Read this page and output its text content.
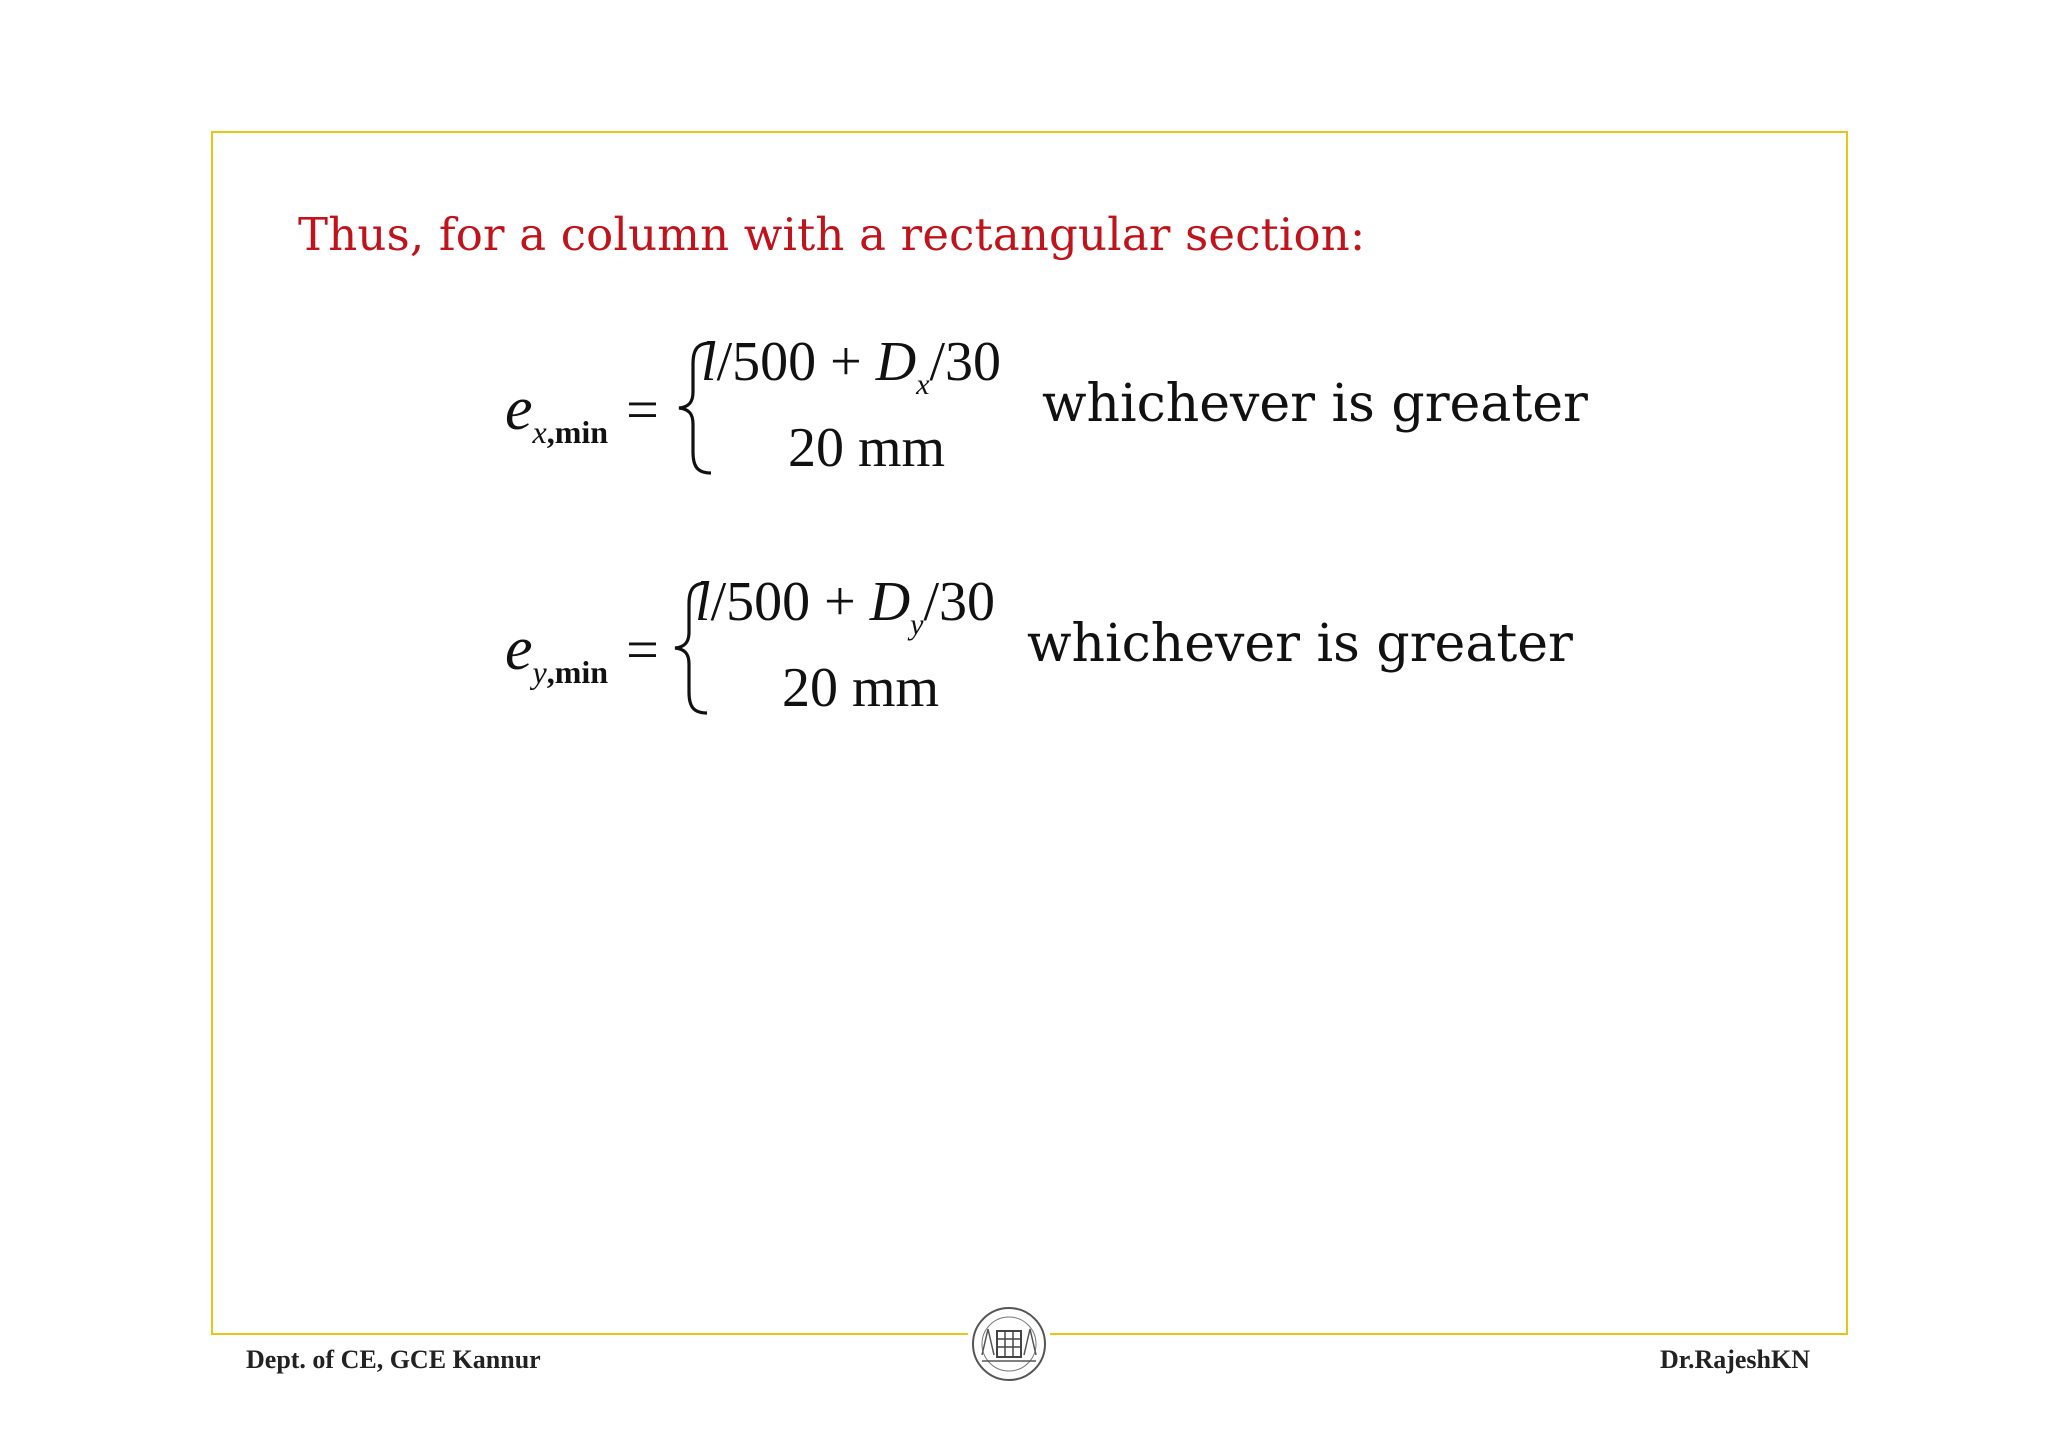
Thus, for a column with a rectangular section:
$e_{x,min}$ =
$l/500 + D_x/30$
20 mm
whichever is greater
$e_{y,min}$ =
$l/500 + D_y/30$
20 mm
whichever is greater
Dept. of CE, GCE Kannur	Dr.RajeshKN
